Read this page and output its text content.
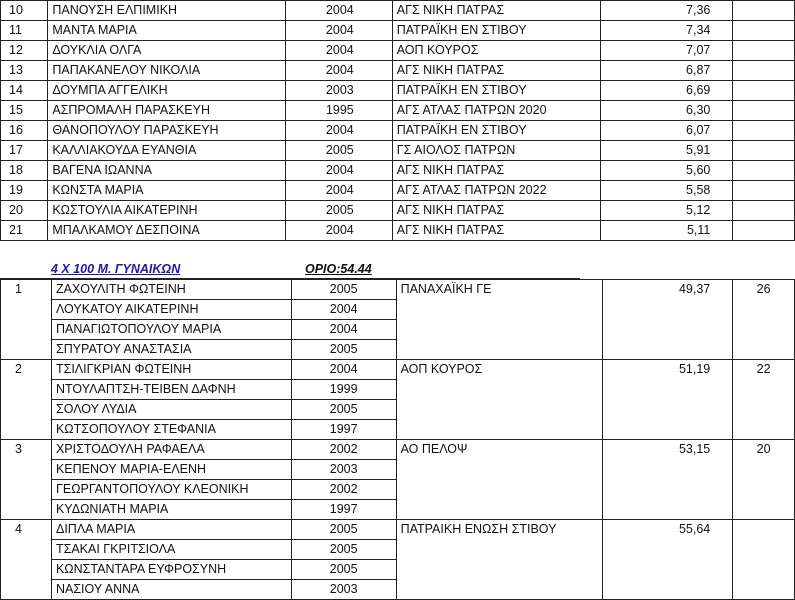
10	ΠΑΝΟΥΣΗ ΕΛΠΙΜΙΚΗ	2004	ΑΓΣ ΝΙΚΗ ΠΑΤΡΑΣ	7,36	
11	ΜΑΝΤΑ ΜΑΡΙΑ	2004	ΠΑΤΡΑΪΚΗ ΕΝ ΣΤΙΒΟΥ	7,34	
12	ΔΟΥΚΛΙΑ ΟΛΓΑ	2004	ΑΟΠ ΚΟΥΡΟΣ	7,07	
13	ΠΑΠΑΚΑΝΕΛΟΥ ΝΙΚΟΛΙΑ	2004	ΑΓΣ ΝΙΚΗ ΠΑΤΡΑΣ	6,87	
14	ΔΟΥΜΠΑ ΑΓΓΕΛΙΚΗ	2003	ΠΑΤΡΑΪΚΗ ΕΝ ΣΤΙΒΟΥ	6,69	
15	ΑΣΠΡΟΜΑΛΗ ΠΑΡΑΣΚΕΥΗ	1995	ΑΓΣ ΑΤΛΑΣ ΠΑΤΡΩΝ 2020	6,30	
16	ΘΑΝΟΠΟΥΛΟΥ ΠΑΡΑΣΚΕΥΗ	2004	ΠΑΤΡΑΪΚΗ ΕΝ ΣΤΙΒΟΥ	6,07	
17	ΚΑΛΛΙΑΚΟΥΔΑ ΕΥΑΝΘΙΑ	2005	ΓΣ ΑΙΟΛΟΣ ΠΑΤΡΩΝ	5,91	
18	ΒΑΓΕΝΑ ΙΩΑΝΝΑ	2004	ΑΓΣ ΝΙΚΗ ΠΑΤΡΑΣ	5,60	
19	ΚΩΝΣΤΑ ΜΑΡΙΑ	2004	ΑΓΣ ΑΤΛΑΣ ΠΑΤΡΩΝ 2022	5,58	
20	ΚΩΣΤΟΥΛΙΑ ΑΙΚΑΤΕΡΙΝΗ	2005	ΑΓΣ ΝΙΚΗ ΠΑΤΡΑΣ	5,12	
21	ΜΠΑΛΚΑΜΟΥ ΔΕΣΠΟΙΝΑ	2004	ΑΓΣ ΝΙΚΗ ΠΑΤΡΑΣ	5,11	
4 Χ 100 Μ. ΓΥΝΑΙΚΩΝ	ΟΡΙΟ:54.44
1	ΖΑΧΟΥΛΙΤΗ ΦΩΤΕΙΝΗ	2005	ΠΑΝΑΧΑΪΚΗ ΓΕ	49,37	26
	ΛΟΥΚΑΤΟΥ ΑΙΚΑΤΕΡΙΝΗ	2004			
	ΠΑΝΑΓΙΩΤΟΠΟΥΛΟΥ ΜΑΡΙΑ	2004			
	ΣΠΥΡΑΤΟΥ ΑΝΑΣΤΑΣΙΑ	2005			
2	ΤΣΙΛΙΓΚΡΙΑΝ ΦΩΤΕΙΝΗ	2004	ΑΟΠ ΚΟΥΡΟΣ	51,19	22
	ΝΤΟΥΛΑΠΤΣΗ-ΤΕΙΒΕΝ ΔΑΦΝΗ	1999			
	ΣΟΛΟΥ ΛΥΔΙΑ	2005			
	ΚΩΤΣΟΠΟΥΛΟΥ ΣΤΕΦΑΝΙΑ	1997			
3	ΧΡΙΣΤΟΔΟΥΛΗ ΡΑΦΑΕΛΑ	2002	ΑΟ ΠΕΛΟΨ	53,15	20
	ΚΕΠΕΝΟΥ ΜΑΡΙΑ-ΕΛΕΝΗ	2003			
	ΓΕΩΡΓΑΝΤΟΠΟΥΛΟΥ ΚΛΕΟΝΙΚΗ	2002			
	ΚΥΔΩΝΙΑΤΗ ΜΑΡΙΑ	1997			
4	ΔΙΠΛΑ ΜΑΡΙΑ	2005	ΠΑΤΡΑΙΚΗ ΕΝΩΣΗ ΣΤΙΒΟΥ	55,64	
	ΤΣΑΚΑΙ ΓΚΡΙΤΣΙΟΛΑ	2005			
	ΚΩΝΣΤΑΝΤΑΡΑ ΕΥΦΡΟΣΥΝΗ	2005			
	ΝΑΣΙΟΥ ΑΝΝΑ	2003			
